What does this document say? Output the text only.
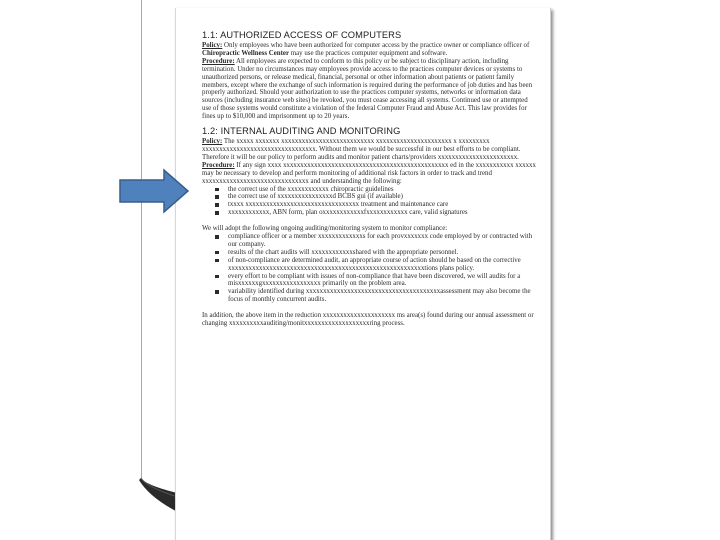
1.1: AUTHORIZED ACCESS OF COMPUTERS

Policy: Only employees who have been authorized for computer access by the practice owner or compliance officer of Chiropractic Wellness Center may use the practices computer equipment and software.

Procedure: All employees are expected to conform to this policy or be subject to disciplinary action, including termination. Under no circumstances may employees provide access to the practices computer devices or systems to unauthorized persons, or release medical, financial, personal or other information about patients or patient family members, except where the exchange of such information is required during the performance of job duties and has been properly authorized. Should your authorization to use the practices computer systems, networks or information data sources (including insurance web sites) be revoked, you must cease accessing all systems. Continued use or attempted use of those systems would constitute a violation of the federal Computer Fraud and Abuse Act. This law provides for fines up to $10,000 and imprisonment up to 20 years.

1.2: INTERNAL AUDITING AND MONITORING

Policy: The xxxxx xxxxxxx xxxxxxxxxxxxxxxxxxxxxxxxxxx xxxxxxxxxxxxxxxxxxxxxx x xxxxxxxxx xxxxxxxxxxxxxxxxxxxxxxxxxxxxxxxxx. Without them we would be successful in our best efforts to be compliant. Therefore it will be our policy to perform audits and monitor patient charts/providers xxxxxxxxxxxxxxxxxxxxxxx.

Procedure: If any sign xxxx xxxxxxxxxxxxxxxxxxxxxxxxxxxxxxxxxxxxxxxxxxxxxxxx ed in the xxxxxxxxxxx xxxxxx may be necessary to develop and perform monitoring of additional risk factors in order to track and trend xxxxxxxxxxxxxxxxxxxxxxxxxxxxxxx and understanding the following:

the correct use of the xxxxxxxxxxxx chiropractic guidelines
the correct use of xxxxxxxxxxxxxxxxd BCBS gui (if available)
txxxx xxxxxxxxxxxxxxxxxxxxxxxxxxxxxxxxx treatment and maintenance care
xxxxxxxxxxxx, ABN form, plan oxxxxxxxxxxxxfxxxxxxxxxxxx care, valid signatures

We will adopt the following ongoing auditing/monitoring system to monitor compliance:

compliance officer or a member xxxxxxxxxxxxxs for each provxxxxxxx code employed by or contracted with our company.
results of the chart audits will xxxxxxxxxxxxshared with the appropriate personnel.
of non-compliance are determined audit, an appropriate course of action should be based on the corrective xxxxxxxxxxxxxxxxxxxxxxxxxxxxxxxxxxxxxxxxxxxxxxxxxxxxxxxxxtions plans policy.
every effort to be compliant with issues of non-compliance that have been discovered, we will audits for a misxxxxxxgxxxxxxxxxxxxxxxxx primarily on the problem area.
variability identified during xxxxxxxxxxxxxxxxxxxxxxxxxxxxxxxxxxxxxxxassessment may also become the focus of monthly concurrent audits.

In addition, the above item in the reduction xxxxxxxxxxxxxxxxxxxxx ms area(s) found during our annual assessment or changing xxxxxxxxxxauditing/monitxxxxxxxxxxxxxxxxxxxring process.
